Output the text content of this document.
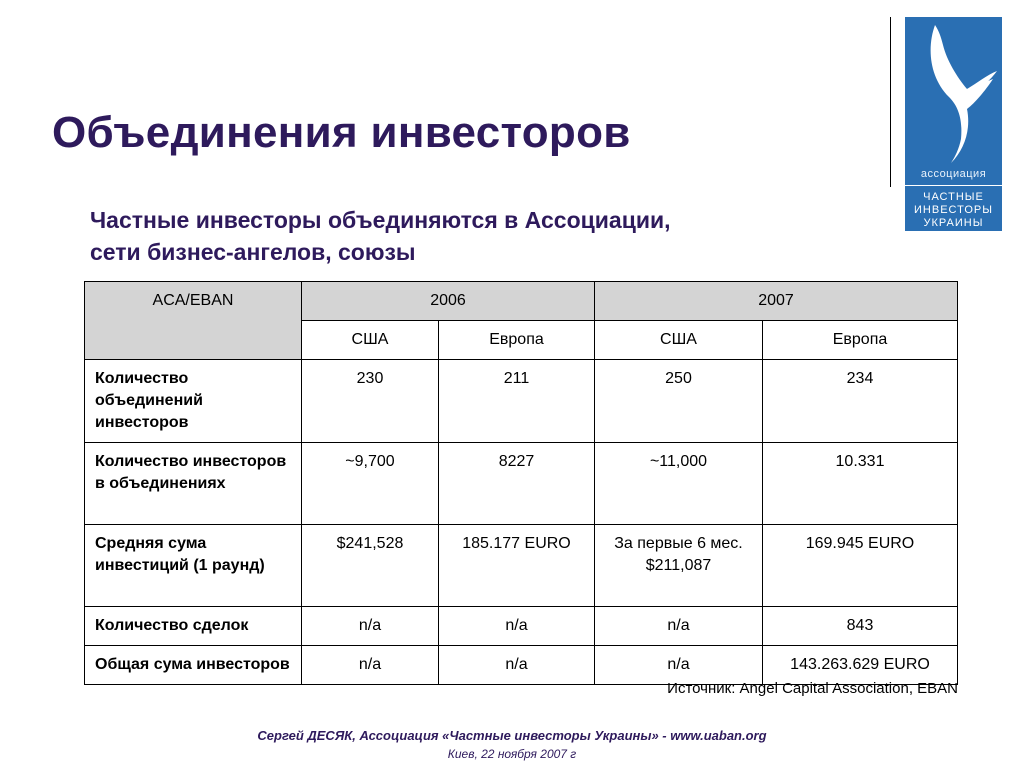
Объединения инвесторов
Частные инвесторы объединяются в Ассоциации,
сети бизнес-ангелов, союзы
ассоциация
ЧАСТНЫЕ
ИНВЕСТОРЫ
УКРАИНЫ
ACA/EBAN	2006		2007	
	США	Европа	США	Европа
Количество объединений инвесторов	230	211	250	234
Количество инвесторов в объединениях	~9,700	8227	~11,000	10.331
Средняя сума инвестиций (1 раунд)	$241,528	185.177 EURO	За первые 6 мес. $211,087	169.945 EURO
Количество сделок	n/a	n/a	n/a	843
Общая сума инвесторов	n/a	n/a	n/a	143.263.629 EURO
Источник: Angel Capital Association, EBAN
Сергей ДЕСЯК, Ассоциация «Частные инвесторы Украины» - www.uaban.org
Киев, 22 ноября 2007 г
